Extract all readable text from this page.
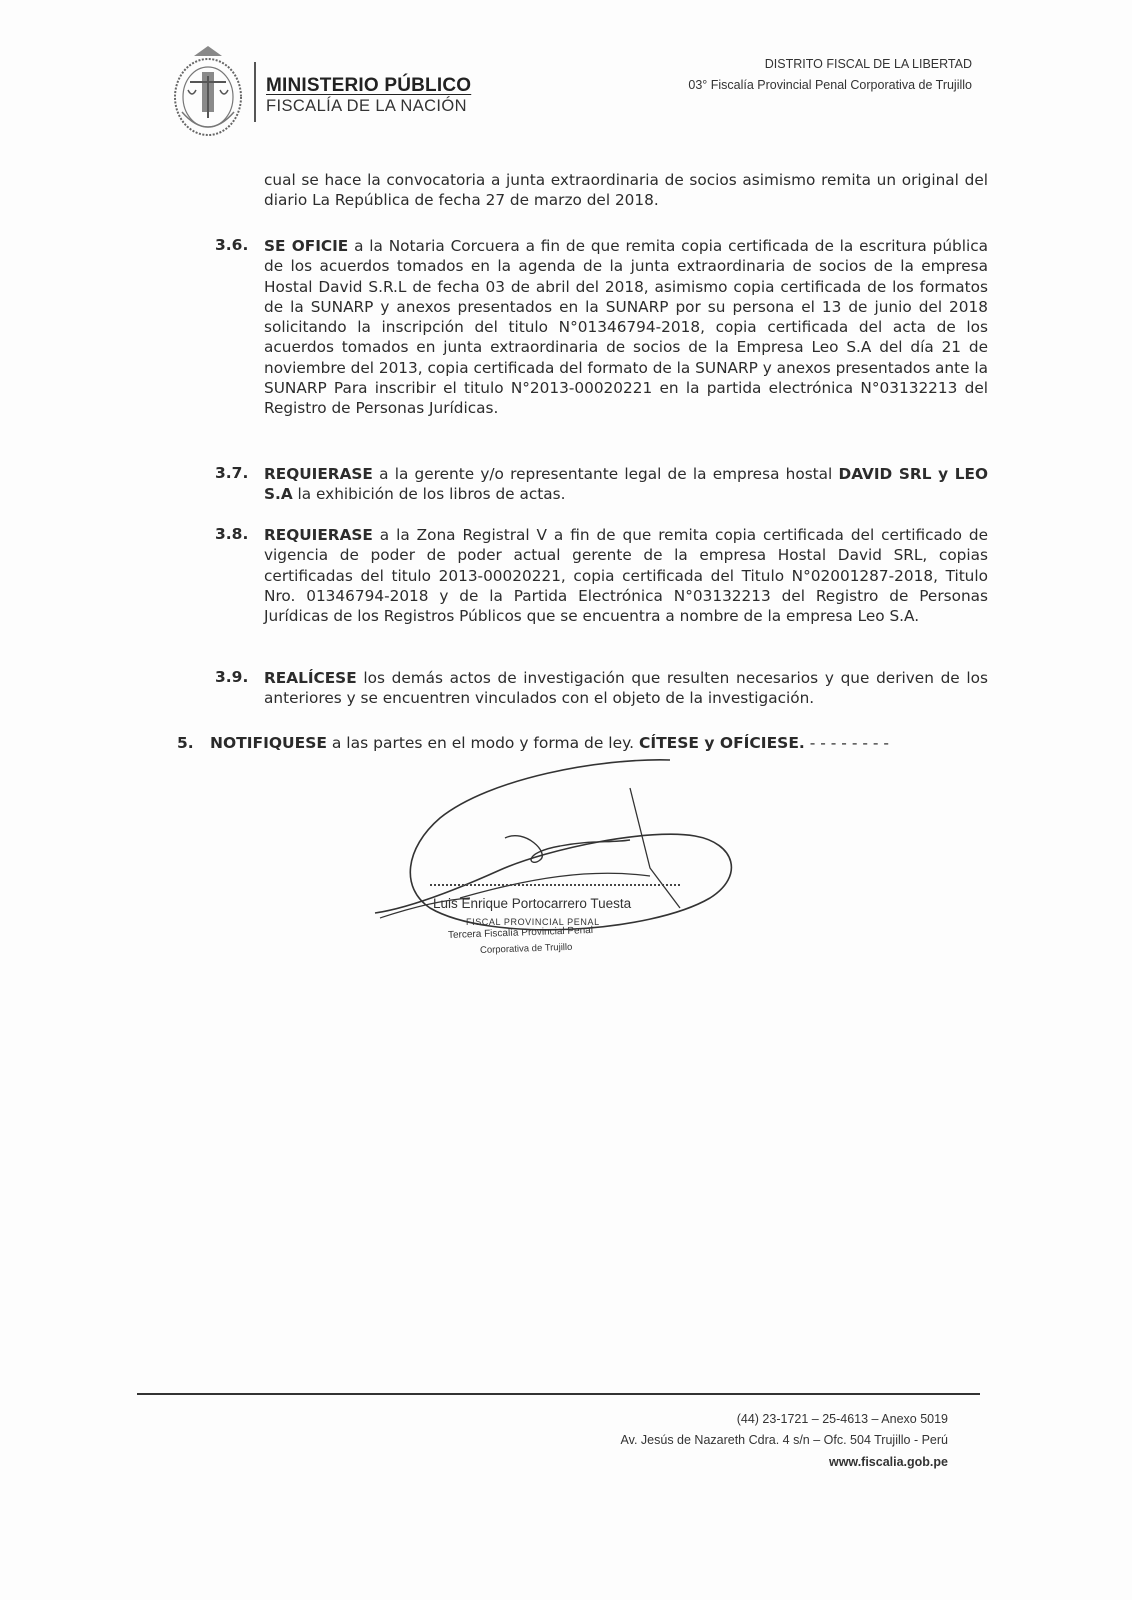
MINISTERIO PÚBLICO
FISCALÍA DE LA NACIÓN
DISTRITO FISCAL DE LA LIBERTAD
03° Fiscalía Provincial Penal Corporativa de Trujillo
cual se hace la convocatoria a junta extraordinaria de socios asimismo remita un original del diario La República de fecha 27 de marzo del 2018.
3.6. SE OFICIE a la Notaria Corcuera a fin de que remita copia certificada de la escritura pública de los acuerdos tomados en la agenda de la junta extraordinaria de socios de la empresa Hostal David S.R.L de fecha 03 de abril del 2018, asimismo copia certificada de los formatos de la SUNARP y anexos presentados en la SUNARP por su persona el 13 de junio del 2018 solicitando la inscripción del titulo N°01346794-2018, copia certificada del acta de los acuerdos tomados en junta extraordinaria de socios de la Empresa Leo S.A del día 21 de noviembre del 2013, copia certificada del formato de la SUNARP y anexos presentados ante la SUNARP Para inscribir el titulo N°2013-00020221 en la partida electrónica N°03132213 del Registro de Personas Jurídicas.
3.7. REQUIERASE a la gerente y/o representante legal de la empresa hostal DAVID SRL y LEO S.A la exhibición de los libros de actas.
3.8. REQUIERASE a la Zona Registral V a fin de que remita copia certificada del certificado de vigencia de poder de poder actual gerente de la empresa Hostal David SRL, copias certificadas del titulo 2013-00020221, copia certificada del Titulo N°02001287-2018, Titulo Nro. 01346794-2018 y de la Partida Electrónica N°03132213 del Registro de Personas Jurídicas de los Registros Públicos que se encuentra a nombre de la empresa Leo S.A.
3.9. REALÍCESE los demás actos de investigación que resulten necesarios y que deriven de los anteriores y se encuentren vinculados con el objeto de la investigación.
5. NOTIFIQUESE a las partes en el modo y forma de ley. CÍTESE y OFÍCIESE. - - - - - - - -
Luis Enrique Portocarrero Tuesta
FISCAL PROVINCIAL PENAL
Tercera Fiscalía Provincial Penal
Corporativa de Trujillo
(44) 23-1721 – 25-4613 – Anexo 5019
Av. Jesús de Nazareth Cdra. 4 s/n – Ofc. 504 Trujillo - Perú
www.fiscalia.gob.pe
